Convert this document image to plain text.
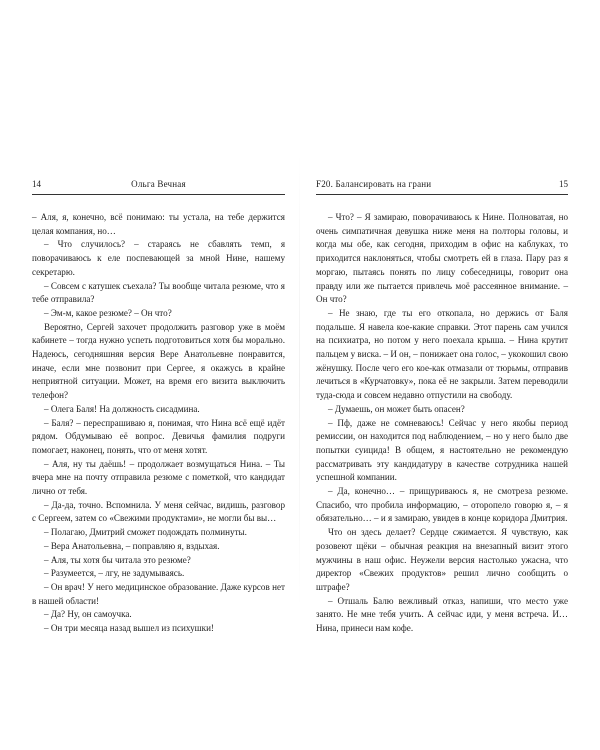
14	Ольга Вечная

– Аля, я, конечно, всё понимаю: ты устала, на тебе держится целая компания, но…

– Что случилось? – стараясь не сбавлять темп, я поворачиваюсь к еле поспевающей за мной Нине, нашему секретарю.

– Совсем с катушек съехала? Ты вообще читала резюме, что я тебе отправила?

– Эм-м, какое резюме? – Он что?

Вероятно, Сергей захочет продолжить разговор уже в моём кабинете – тогда нужно успеть подготовиться хотя бы морально. Надеюсь, сегодняшняя версия Вере Анатольевне понравится, иначе, если мне позвонит при Сергее, я окажусь в крайне неприятной ситуации. Может, на время его визита выключить телефон?

– Олега Баля! На должность сисадмина.

– Баля? – переспрашиваю я, понимая, что Нина всё ещё идёт рядом. Обдумываю её вопрос. Девичья фамилия подруги помогает, наконец, понять, что от меня хотят.

– Аля, ну ты даёшь! – продолжает возмущаться Нина. – Ты вчера мне на почту отправила резюме с пометкой, что кандидат лично от тебя.

– Да-да, точно. Вспомнила. У меня сейчас, видишь, разговор с Сергеем, затем со «Свежими продуктами», не могли бы вы…

– Полагаю, Дмитрий сможет подождать полминуты.

– Вера Анатольевна, – поправляю я, вздыхая.

– Аля, ты хотя бы читала это резюме?

– Разумеется, – лгу, не задумываясь.

– Он врач! У него медицинское образование. Даже курсов нет в нашей области!

– Да? Ну, он самоучка.

– Он три месяца назад вышел из психушки!

F20. Балансировать на грани	15

– Что? – Я замираю, поворачиваюсь к Нине. Полноватая, но очень симпатичная девушка ниже меня на полторы головы, и когда мы обе, как сегодня, приходим в офис на каблуках, то приходится наклоняться, чтобы смотреть ей в глаза. Пару раз я моргаю, пытаясь понять по лицу собеседницы, говорит она правду или же пытается привлечь моё рассеянное внимание. – Он что?

– Не знаю, где ты его откопала, но держись от Баля подальше. Я навела кое-какие справки. Этот парень сам учился на психиатра, но потом у него поехала крыша. – Нина крутит пальцем у виска. – И он, – понижает она голос, – укокошил свою жёнушку. После чего его кое-как отмазали от тюрьмы, отправив лечиться в «Курчатовку», пока её не закрыли. Затем переводили туда-сюда и совсем недавно отпустили на свободу.

– Думаешь, он может быть опасен?

– Пф, даже не сомневаюсь! Сейчас у него якобы период ремиссии, он находится под наблюдением, – но у него было две попытки суицида! В общем, я настоятельно не рекомендую рассматривать эту кандидатуру в качестве сотрудника нашей успешной компании.

– Да, конечно… – прищуриваюсь я, не смотреза резюме. Спасибо, что пробила информацию, – оторопело говорю я, – я обязательно… – и я замираю, увидев в конце коридора Дмитрия.

Что он здесь делает? Сердце сжимается. Я чувствую, как розовеют щёки – обычная реакция на внезапный визит этого мужчины в наш офис. Неужели версия настолько ужасна, что директор «Свежих продуктов» решил лично сообщить о штрафе?

– Отшаль Балю вежливый отказ, напиши, что место уже занято. Не мне тебя учить. А сейчас иди, у меня встреча. И… Нина, принеси нам кофе.
